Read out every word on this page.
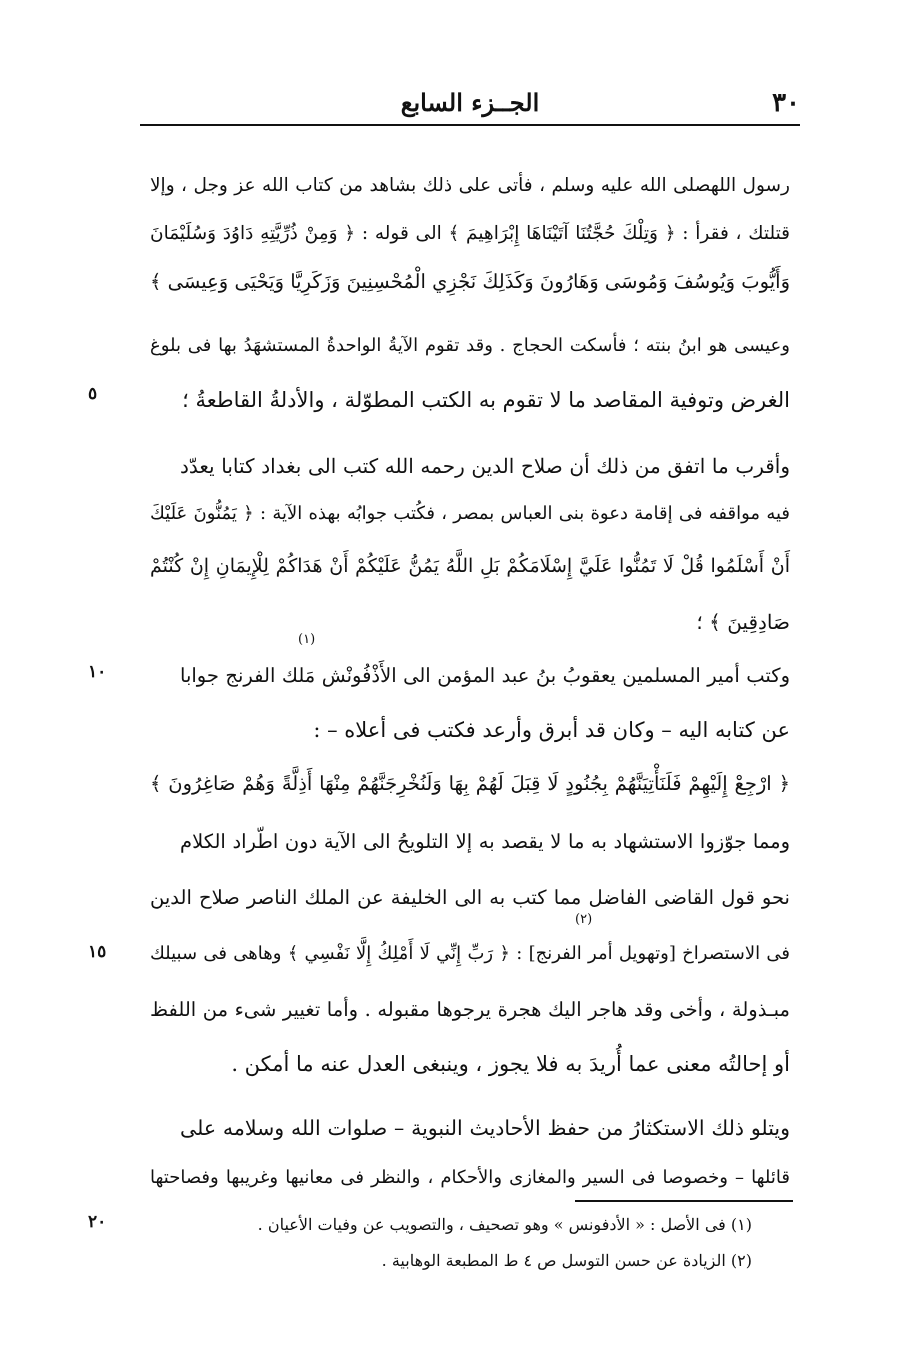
٣٠
الجــزء السابع
رسول اللهصلى الله عليه وسلم ، فأتى على ذلك بشاهد من كتاب الله عز وجل ، وإلا
قتلتك ، فقرأ : ﴿ وَتِلْكَ حُجَّتُنَا آتَيْنَاهَا إِبْرَاهِيمَ ﴾ الى قوله : ﴿ وَمِنْ ذُرِّيَّتِهِ دَاوُدَ وَسُلَيْمَانَ
وَأَيُّوبَ وَيُوسُفَ وَمُوسَى وَهَارُونَ وَكَذَلِكَ نَجْزِي الْمُحْسِنِينَ وَزَكَرِيَّا وَيَحْيَى وَعِيسَى ﴾
وعيسى هو ابنُ بنته ؛ فأسكت الحجاج . وقد تقوم الآيةُ الواحدةُ المستشهَدُ بها فى بلوغ
الغرض وتوفية المقاصد ما لا تقوم به الكتب المطوّلة ، والأدلةُ القاطعةُ ؛
وأقرب ما اتفق من ذلك أن صلاح الدين رحمه الله كتب الى بغداد كتابا يعدّد
فيه مواقفه فى إقامة دعوة بنى العباس بمصر ، فكُتب جوابُه بهذه الآية : ﴿ يَمُنُّونَ عَلَيْكَ
أَنْ أَسْلَمُوا قُلْ لَا تَمُنُّوا عَلَيَّ إِسْلَامَكُمْ بَلِ اللَّهُ يَمُنُّ عَلَيْكُمْ أَنْ هَدَاكُمْ لِلْإِيمَانِ إِنْ كُنْتُمْ
صَادِقِينَ ﴾ ؛
وكتب أمير المسلمين يعقوبُ بنُ عبد المؤمن الى الأَذْفُونْش مَلك الفرنج جوابا
عن كتابه اليه – وكان قد أبرق وأرعد فكتب فى أعلاه – :
﴿ ارْجِعْ إِلَيْهِمْ فَلَنَأْتِيَنَّهُمْ بِجُنُودٍ لَا قِبَلَ لَهُمْ بِهَا وَلَنُخْرِجَنَّهُمْ مِنْهَا أَذِلَّةً وَهُمْ صَاغِرُونَ ﴾
ومما جوّزوا الاستشهاد به ما لا يقصد به إلا التلويحُ الى الآية دون اطّراد الكلام
نحو قول القاضى الفاضل مما كتب به الى الخليفة عن الملك الناصر صلاح الدين
فى الاستصراخ [وتهويل أمر الفرنج] : ﴿ رَبِّ إِنِّي لَا أَمْلِكُ إِلَّا نَفْسِي ﴾ وهاهى فى سبيلك
مبـذولة ، وأخى وقد هاجر اليك هجرة يرجوها مقبوله . وأما تغيير شىء من اللفظ
أو إحالتُه معنى عما أُريدَ به فلا يجوز ، وينبغى العدل عنه ما أمكن .
ويتلو ذلك الاستكثارُ من حفظ الأحاديث النبوية – صلوات الله وسلامه على
قائلها – وخصوصا فى السير والمغازى والأحكام ، والنظر فى معانيها وغريبها وفصاحتها
(١)
(٢)
٥
١٠
١٥
٢٠	(١) فى الأصل : « الأدفونس » وهو تصحيف ، والتصويب عن وفيات الأعيان .
(٢) الزيادة عن حسن التوسل ص ٤ ط المطبعة الوهابية .
